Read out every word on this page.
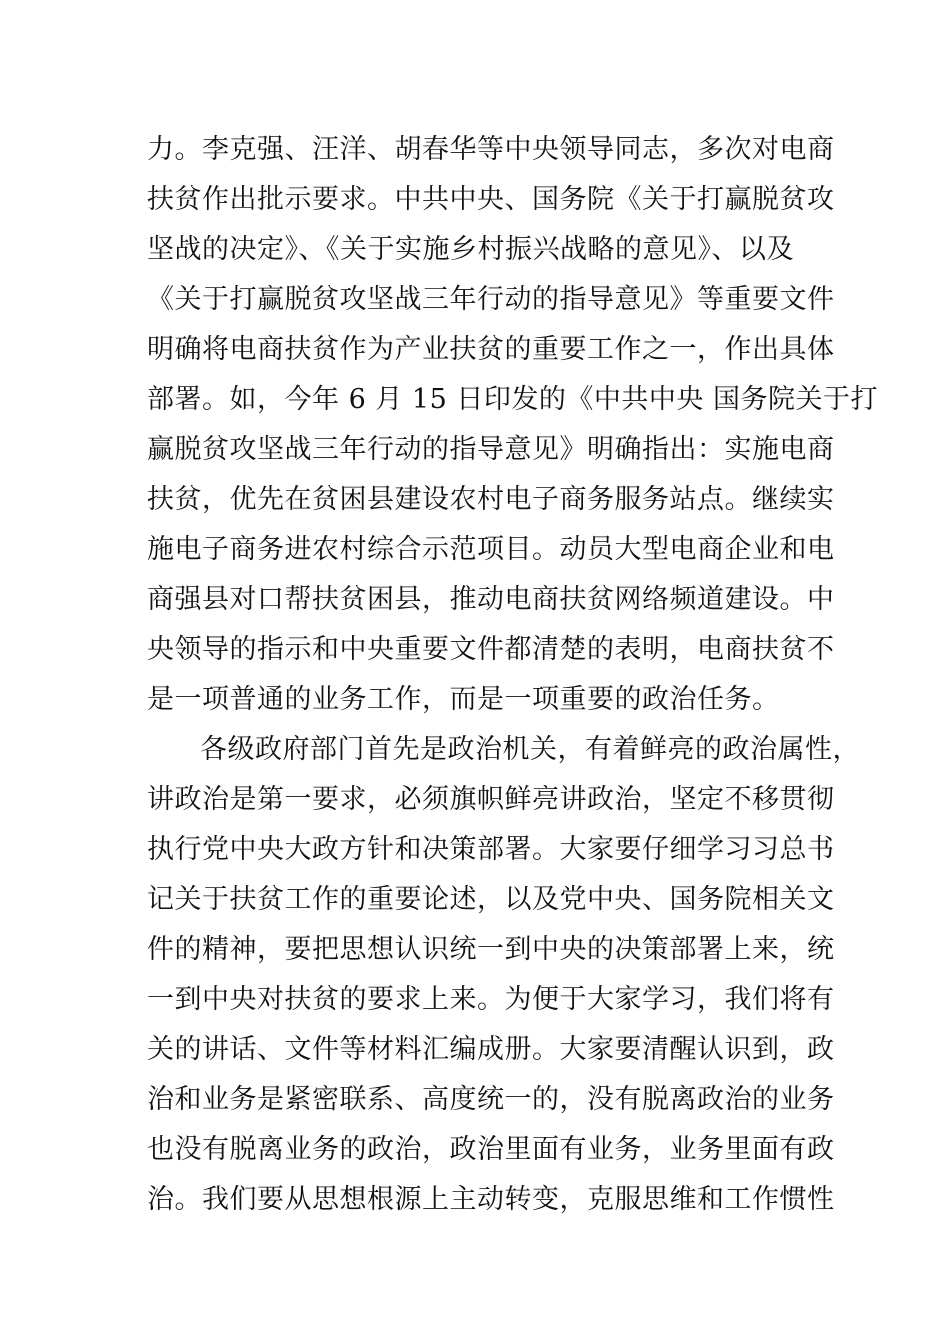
力。李克强、汪洋、胡春华等中央领导同志，多次对电商
扶贫作出批示要求。中共中央、国务院《关于打赢脱贫攻
坚战的决定》、《关于实施乡村振兴战略的意见》、以及
《关于打赢脱贫攻坚战三年行动的指导意见》等重要文件
明确将电商扶贫作为产业扶贫的重要工作之一，作出具体
部署。如，今年 6 月 15 日印发的《中共中央 国务院关于打
赢脱贫攻坚战三年行动的指导意见》明确指出：实施电商
扶贫，优先在贫困县建设农村电子商务服务站点。继续实
施电子商务进农村综合示范项目。动员大型电商企业和电
商强县对口帮扶贫困县，推动电商扶贫网络频道建设。中
央领导的指示和中央重要文件都清楚的表明，电商扶贫不
是一项普通的业务工作，而是一项重要的政治任务。
各级政府部门首先是政治机关，有着鲜亮的政治属性，
讲政治是第一要求，必须旗帜鲜亮讲政治，坚定不移贯彻
执行党中央大政方针和决策部署。大家要仔细学习习总书
记关于扶贫工作的重要论述，以及党中央、国务院相关文
件的精神，要把思想认识统一到中央的决策部署上来，统
一到中央对扶贫的要求上来。为便于大家学习，我们将有
关的讲话、文件等材料汇编成册。大家要清醒认识到，政
治和业务是紧密联系、高度统一的，没有脱离政治的业务
也没有脱离业务的政治，政治里面有业务，业务里面有政
治。我们要从思想根源上主动转变，克服思维和工作惯性
